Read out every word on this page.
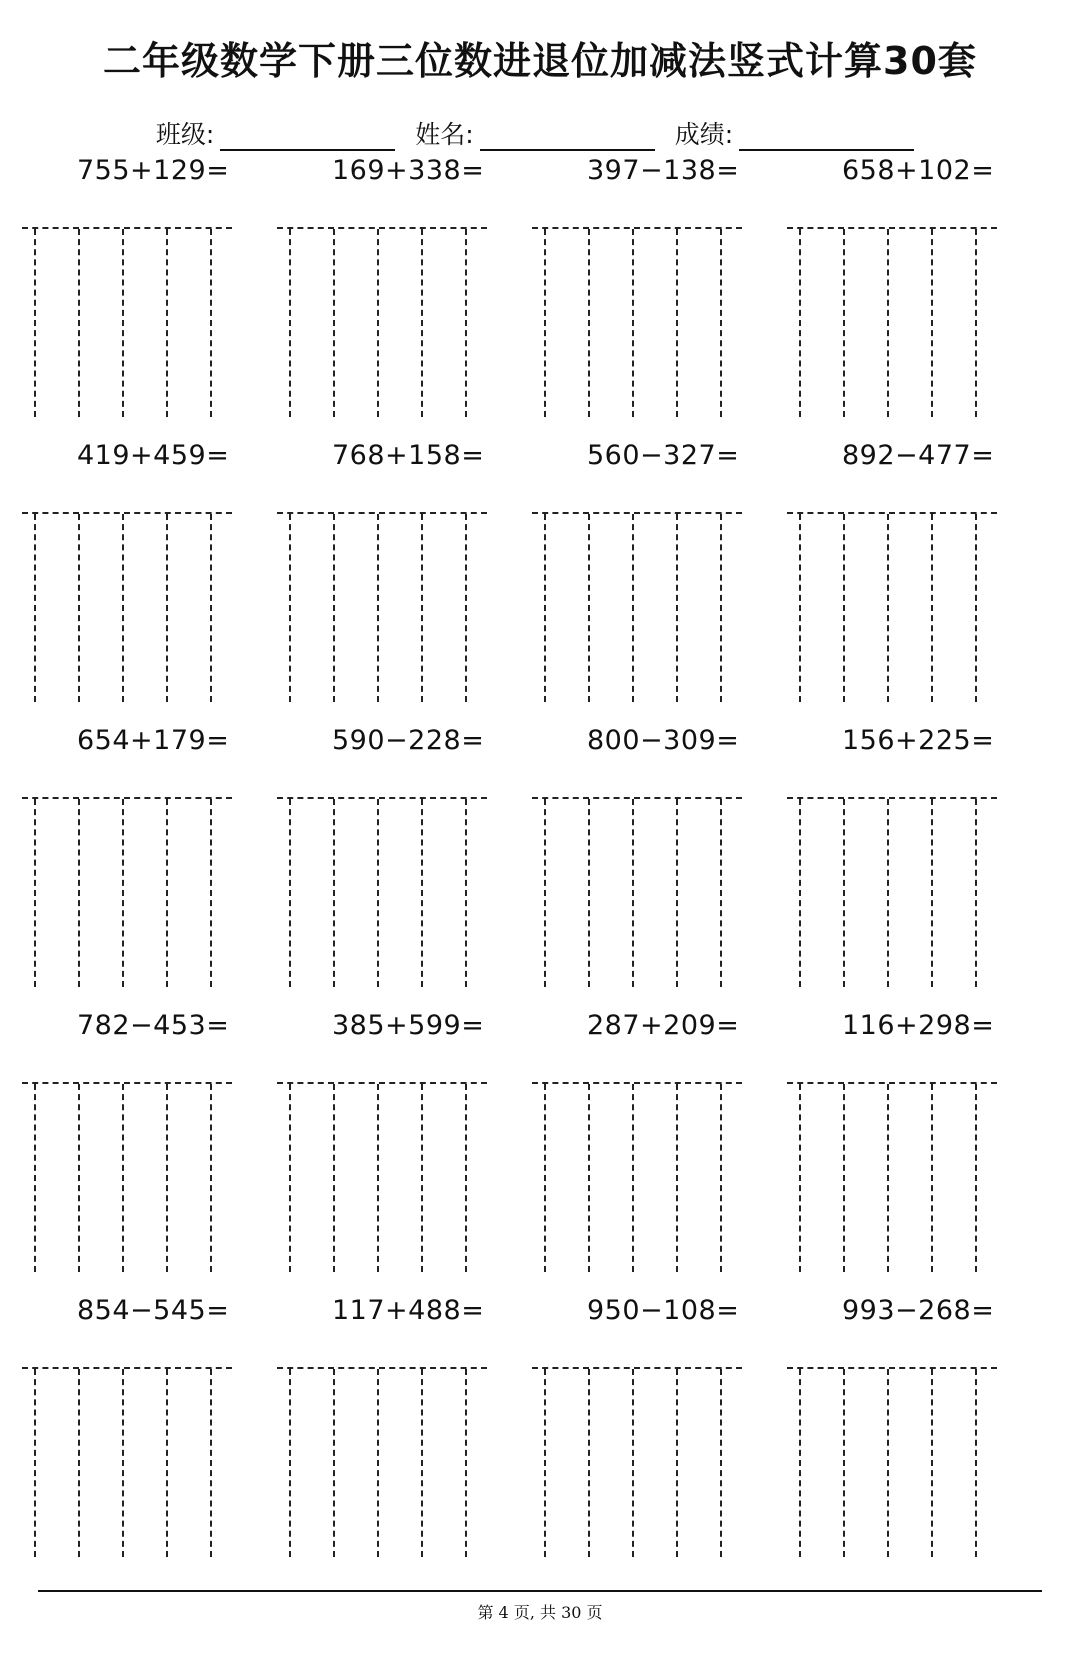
二年级数学下册三位数进退位加减法竖式计算30套
班级:	姓名:	成绩:
755+129=	169+338=	397−138=	658+102=
419+459=	768+158=	560−327=	892−477=
654+179=	590−228=	800−309=	156+225=
782−453=	385+599=	287+209=	116+298=
854−545=	117+488=	950−108=	993−268=
第 4 页, 共 30 页
